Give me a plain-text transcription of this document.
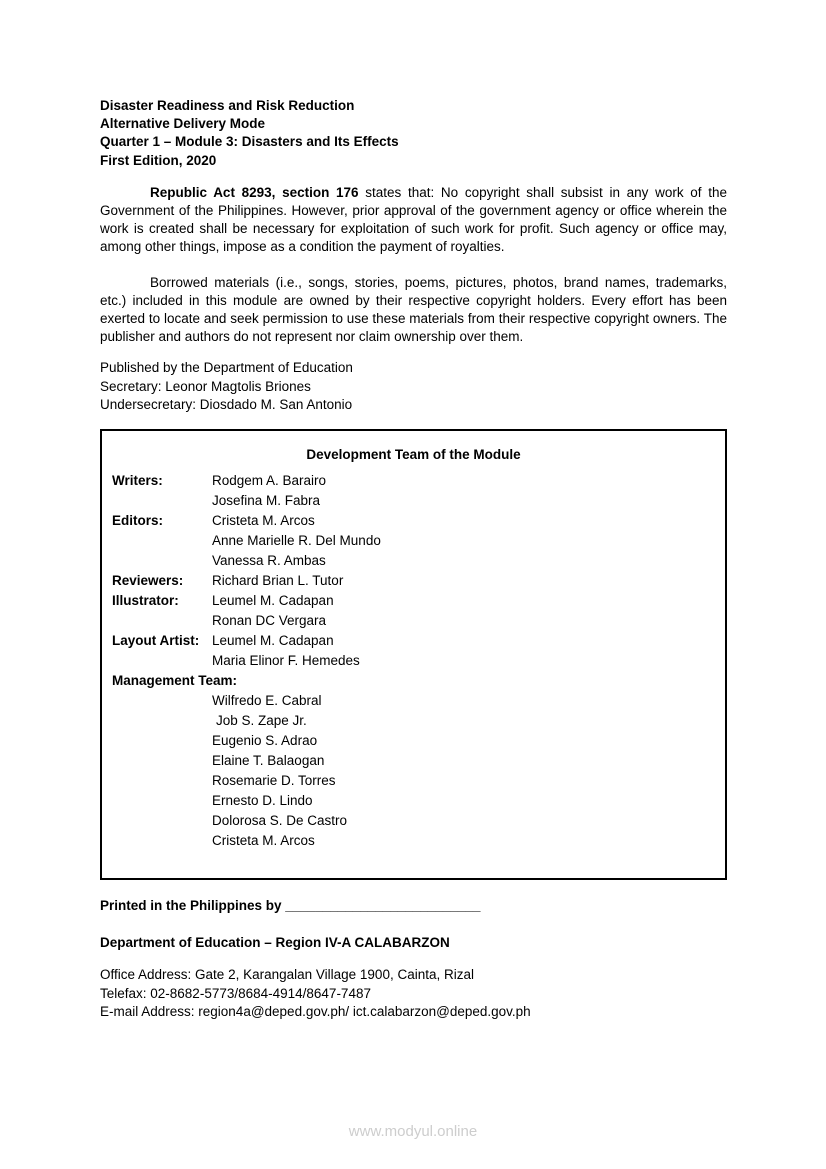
Disaster Readiness and Risk Reduction
Alternative Delivery Mode
Quarter 1 – Module 3: Disasters and Its Effects
First Edition, 2020

Republic Act 8293, section 176 states that: No copyright shall subsist in any work of the Government of the Philippines. However, prior approval of the government agency or office wherein the work is created shall be necessary for exploitation of such work for profit. Such agency or office may, among other things, impose as a condition the payment of royalties.

Borrowed materials (i.e., songs, stories, poems, pictures, photos, brand names, trademarks, etc.) included in this module are owned by their respective copyright holders. Every effort has been exerted to locate and seek permission to use these materials from their respective copyright owners. The publisher and authors do not represent nor claim ownership over them.

Published by the Department of Education
Secretary: Leonor Magtolis Briones
Undersecretary: Diosdado M. San Antonio
Development Team of the Module
Writers:	Rodgem A. Barairo
Josefina M. Fabra
Editors:	Cristeta M. Arcos
Anne Marielle R. Del Mundo
Vanessa R. Ambas
Reviewers:	Richard Brian L. Tutor
Illustrator:	Leumel M. Cadapan
Ronan DC Vergara
Layout Artist: Leumel M. Cadapan
Maria Elinor F. Hemedes
Management Team:
Wilfredo E. Cabral
Job S. Zape Jr.
Eugenio S. Adrao
Elaine T. Balaogan
Rosemarie D. Torres
Ernesto D. Lindo
Dolorosa S. De Castro
Cristeta M. Arcos
Printed in the Philippines by __________________________
Department of Education – Region IV-A CALABARZON
Office Address: Gate 2, Karangalan Village 1900, Cainta, Rizal
Telefax: 02-8682-5773/8684-4914/8647-7487
E-mail Address: region4a@deped.gov.ph/ ict.calabarzon@deped.gov.ph
www.modyul.online
